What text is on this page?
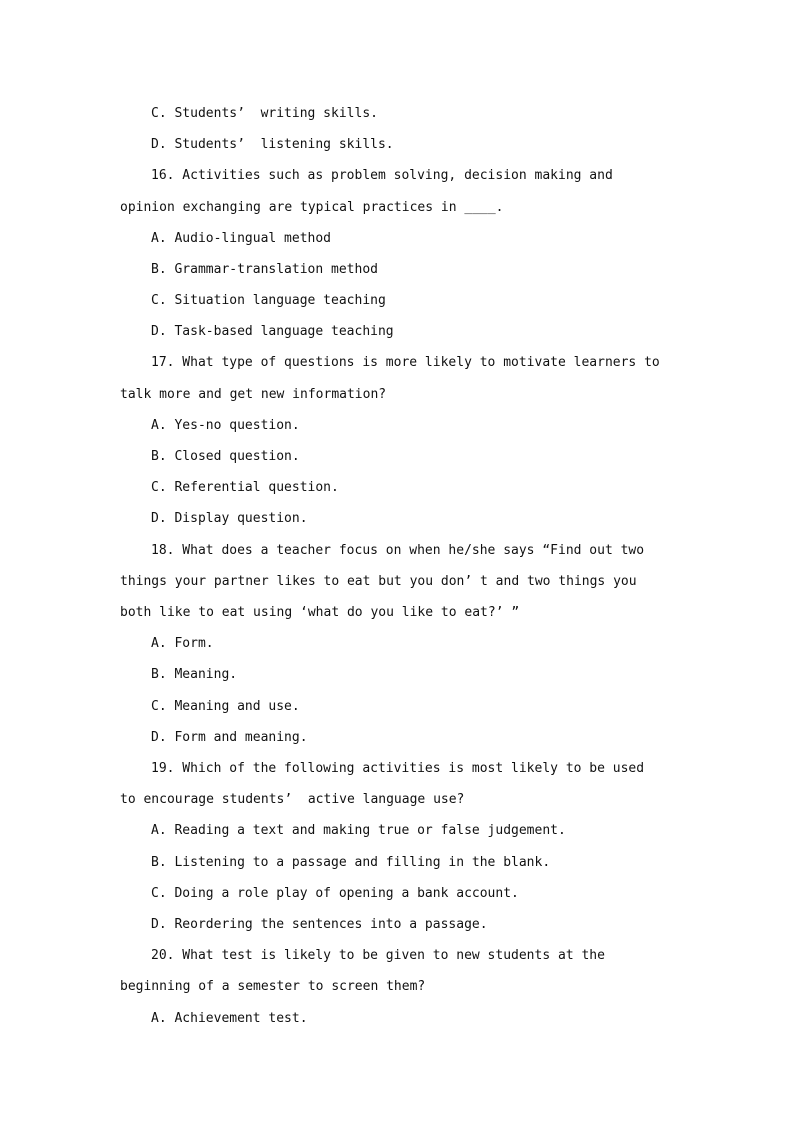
C. Students’  writing skills.
D. Students’  listening skills.
16. Activities such as problem solving, decision making and
opinion exchanging are typical practices in ____.
A. Audio-lingual method
B. Grammar-translation method
C. Situation language teaching
D. Task-based language teaching
17. What type of questions is more likely to motivate learners to
talk more and get new information?
A. Yes-no question.
B. Closed question.
C. Referential question.
D. Display question.
18. What does a teacher focus on when he/she says “Find out two
things your partner likes to eat but you don’ t and two things you
both like to eat using ‘what do you like to eat?’ ”
A. Form.
B. Meaning.
C. Meaning and use.
D. Form and meaning.
19. Which of the following activities is most likely to be used
to encourage students’  active language use?
A. Reading a text and making true or false judgement.
B. Listening to a passage and filling in the blank.
C. Doing a role play of opening a bank account.
D. Reordering the sentences into a passage.
20. What test is likely to be given to new students at the
beginning of a semester to screen them?
A. Achievement test.
